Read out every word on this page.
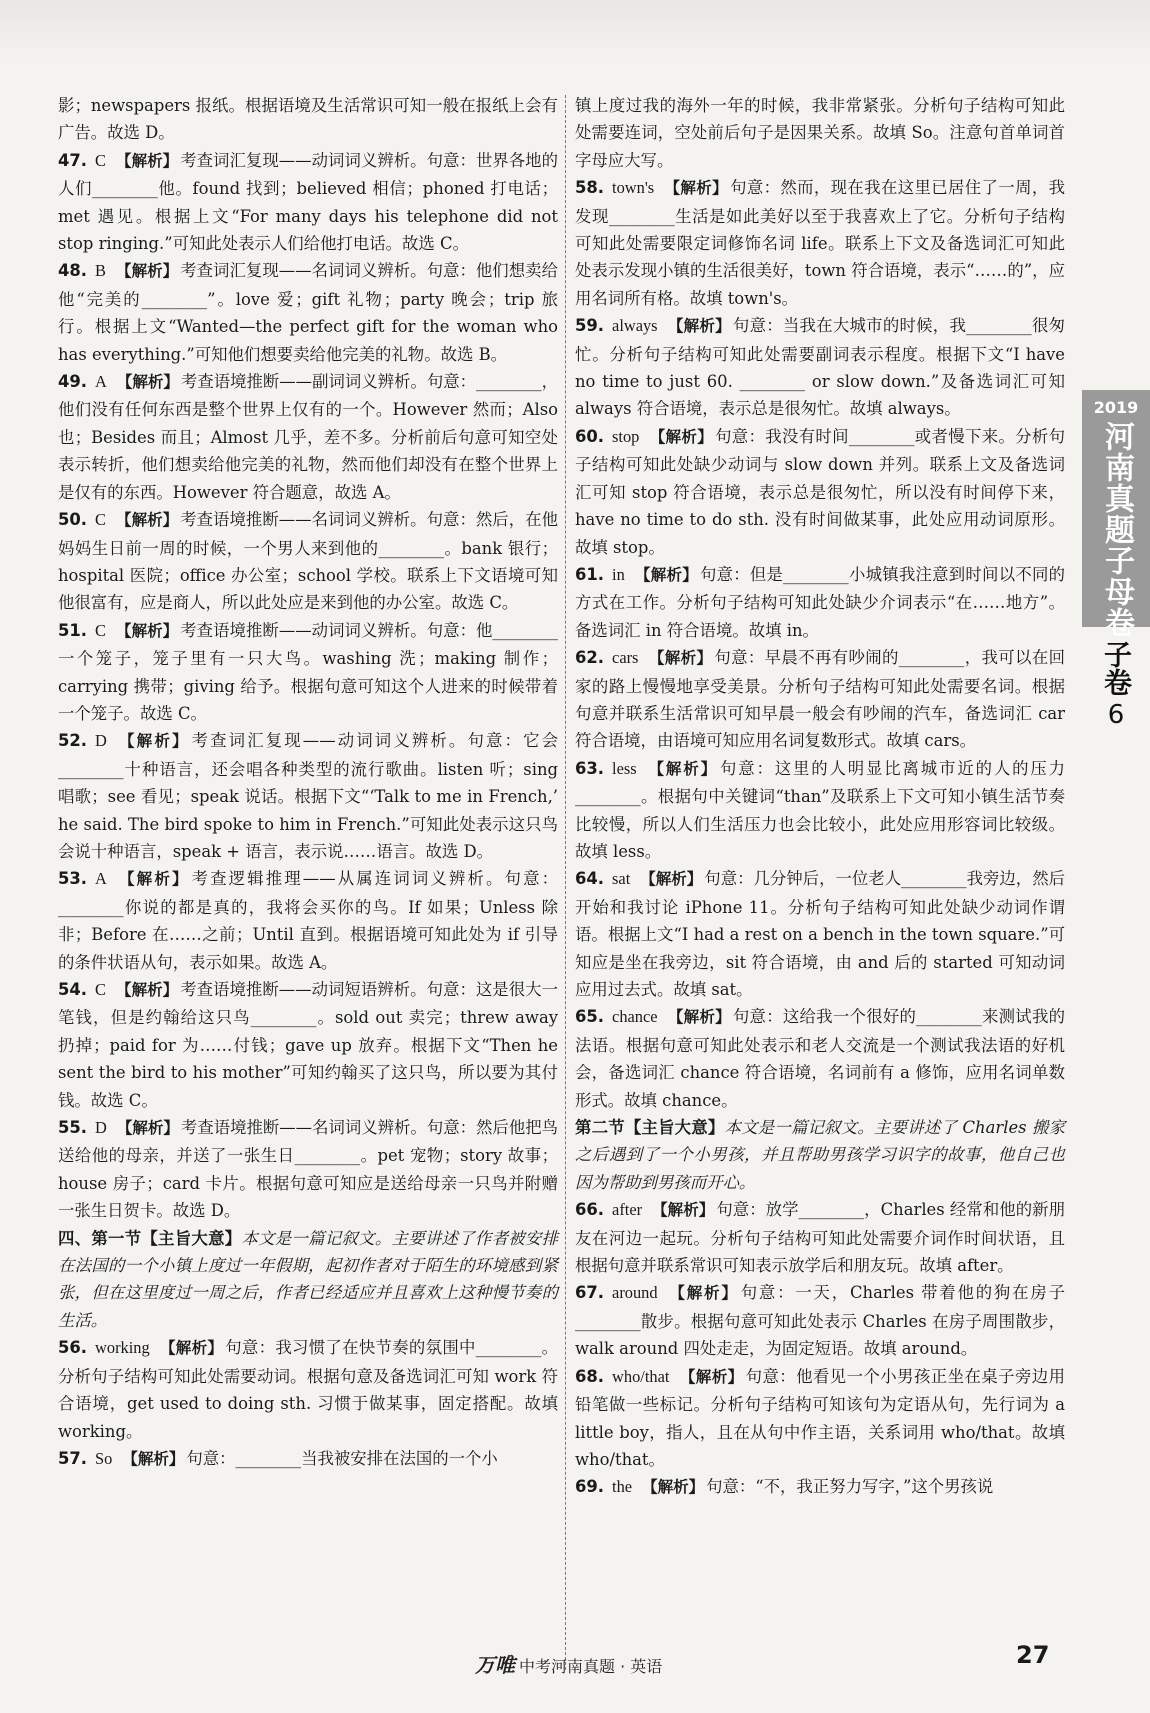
影；newspapers 报纸。根据语境及生活常识可知一般在报纸上会有广告。故选 D。
47. C 【解析】 考查词汇复现——动词词义辨析。句意：世界各地的人们________他。found 找到；believed 相信；phoned 打电话；met 遇见。根据上文“For many days his telephone did not stop ringing.”可知此处表示人们给他打电话。故选 C。
48. B 【解析】 考查词汇复现——名词词义辨析。句意：他们想卖给他“完美的________”。love 爱；gift 礼物；party 晚会；trip 旅行。根据上文“Wanted—the perfect gift for the woman who has everything.”可知他们想要卖给他完美的礼物。故选 B。
49. A 【解析】 考查语境推断——副词词义辨析。句意：________，他们没有任何东西是整个世界上仅有的一个。However 然而；Also 也；Besides 而且；Almost 几乎，差不多。分析前后句意可知空处表示转折，他们想卖给他完美的礼物，然而他们却没有在整个世界上是仅有的东西。However 符合题意，故选 A。
50. C 【解析】 考查语境推断——名词词义辨析。句意：然后，在他妈妈生日前一周的时候，一个男人来到他的________。bank 银行；hospital 医院；office 办公室；school 学校。联系上下文语境可知他很富有，应是商人，所以此处应是来到他的办公室。故选 C。
51. C 【解析】 考查语境推断——动词词义辨析。句意：他________一个笼子，笼子里有一只大鸟。washing 洗；making 制作；carrying 携带；giving 给予。根据句意可知这个人进来的时候带着一个笼子。故选 C。
52. D 【解析】 考查词汇复现——动词词义辨析。句意：它会________十种语言，还会唱各种类型的流行歌曲。listen 听；sing 唱歌；see 看见；speak 说话。根据下文“‘Talk to me in French,’ he said. The bird spoke to him in French.”可知此处表示这只鸟会说十种语言，speak + 语言，表示说……语言。故选 D。
53. A 【解析】 考查逻辑推理——从属连词词义辨析。句意：________你说的都是真的，我将会买你的鸟。If 如果；Unless 除非；Before 在……之前；Until 直到。根据语境可知此处为 if 引导的条件状语从句，表示如果。故选 A。
54. C 【解析】 考查语境推断——动词短语辨析。句意：这是很大一笔钱，但是约翰给这只鸟________。sold out 卖完；threw away 扔掉；paid for 为……付钱；gave up 放弃。根据下文“Then he sent the bird to his mother”可知约翰买了这只鸟，所以要为其付钱。故选 C。
55. D 【解析】 考查语境推断——名词词义辨析。句意：然后他把鸟送给他的母亲，并送了一张生日________。pet 宠物；story 故事；house 房子；card 卡片。根据句意可知应是送给母亲一只鸟并附赠一张生日贺卡。故选 D。
四、第一节【主旨大意】本文是一篇记叙文。主要讲述了作者被安排在法国的一个小镇上度过一年假期，起初作者对于陌生的环境感到紧张，但在这里度过一周之后，作者已经适应并且喜欢上这种慢节奏的生活。
56. working 【解析】 句意：我习惯了在快节奏的氛围中________。分析句子结构可知此处需要动词。根据句意及备选词汇可知 work 符合语境，get used to doing sth. 习惯于做某事，固定搭配。故填 working。
57. So 【解析】 句意：________当我被安排在法国的一个小
镇上度过我的海外一年的时候，我非常紧张。分析句子结构可知此处需要连词，空处前后句子是因果关系。故填 So。注意句首单词首字母应大写。
58. town's 【解析】 句意：然而，现在我在这里已居住了一周，我发现________生活是如此美好以至于我喜欢上了它。分析句子结构可知此处需要限定词修饰名词 life。联系上下文及备选词汇可知此处表示发现小镇的生活很美好，town 符合语境，表示“……的”，应用名词所有格。故填 town's。
59. always 【解析】 句意：当我在大城市的时候，我________很匆忙。分析句子结构可知此处需要副词表示程度。根据下文“I have no time to just 60. ________ or slow down.”及备选词汇可知 always 符合语境，表示总是很匆忙。故填 always。
60. stop 【解析】 句意：我没有时间________或者慢下来。分析句子结构可知此处缺少动词与 slow down 并列。联系上文及备选词汇可知 stop 符合语境，表示总是很匆忙，所以没有时间停下来，have no time to do sth. 没有时间做某事，此处应用动词原形。故填 stop。
61. in 【解析】 句意：但是________小城镇我注意到时间以不同的方式在工作。分析句子结构可知此处缺少介词表示“在……地方”。备选词汇 in 符合语境。故填 in。
62. cars 【解析】 句意：早晨不再有吵闹的________，我可以在回家的路上慢慢地享受美景。分析句子结构可知此处需要名词。根据句意并联系生活常识可知早晨一般会有吵闹的汽车，备选词汇 car 符合语境，由语境可知应用名词复数形式。故填 cars。
63. less 【解析】 句意：这里的人明显比离城市近的人的压力________。根据句中关键词“than”及联系上下文可知小镇生活节奏比较慢，所以人们生活压力也会比较小，此处应用形容词比较级。故填 less。
64. sat 【解析】 句意：几分钟后，一位老人________我旁边，然后开始和我讨论 iPhone 11。分析句子结构可知此处缺少动词作谓语。根据上文“I had a rest on a bench in the town square.”可知应是坐在我旁边，sit 符合语境，由 and 后的 started 可知动词应用过去式。故填 sat。
65. chance 【解析】 句意：这给我一个很好的________来测试我的法语。根据句意可知此处表示和老人交流是一个测试我法语的好机会，备选词汇 chance 符合语境，名词前有 a 修饰，应用名词单数形式。故填 chance。
第二节【主旨大意】本文是一篇记叙文。主要讲述了 Charles 搬家之后遇到了一个小男孩，并且帮助男孩学习识字的故事，他自己也因为帮助到男孩而开心。
66. after 【解析】 句意：放学________，Charles 经常和他的新朋友在河边一起玩。分析句子结构可知此处需要介词作时间状语，且根据句意并联系常识可知表示放学后和朋友玩。故填 after。
67. around 【解析】 句意：一天，Charles 带着他的狗在房子________散步。根据句意可知此处表示 Charles 在房子周围散步，walk around 四处走走，为固定短语。故填 around。
68. who/that 【解析】 句意：他看见一个小男孩正坐在桌子旁边用铅笔做一些标记。分析句子结构可知该句为定语从句，先行词为 a little boy，指人，且在从句中作主语，关系词用 who/that。故填 who/that。
69. the 【解析】 句意：“不，我正努力写字，”这个男孩说
2019
河南真题子母卷
子卷
6
万唯 中考河南真题 · 英语	27
